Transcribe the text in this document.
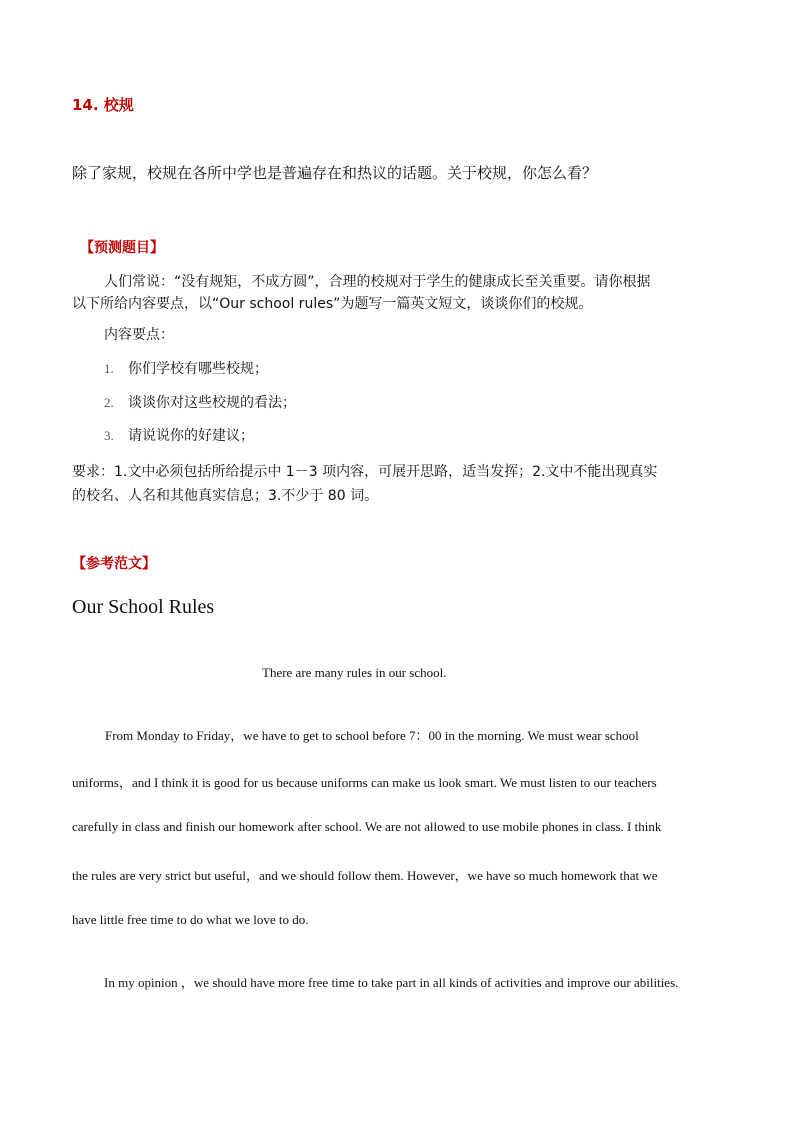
14. 校规
除了家规，校规在各所中学也是普遍存在和热议的话题。关于校规，你怎么看？
【预测题目】
人们常说：“没有规矩，不成方圆”，合理的校规对于学生的健康成长至关重要。请你根据
以下所给内容要点，以“Our school rules”为题写一篇英文短文，谈谈你们的校规。
内容要点：
1. 你们学校有哪些校规；
2. 谈谈你对这些校规的看法；
3. 请说说你的好建议；
要求：1.文中必须包括所给提示中 1－3 项内容，可展开思路，适当发挥；2.文中不能出现真实
的校名、人名和其他真实信息；3.不少于 80 词。
【参考范文】
Our School Rules
There are many rules in our school.
From Monday to Friday，we have to get to school before 7：00 in the morning. We must wear school
uniforms，and I think it is good for us because uniforms can make us look smart. We must listen to our teachers
carefully in class and finish our homework after school. We are not allowed to use mobile phones in class. I think
the rules are very strict but useful，and we should follow them. However，we have so much homework that we
have little free time to do what we love to do.
In my opinion ，we should have more free time to take part in all kinds of activities and improve our abilities.
